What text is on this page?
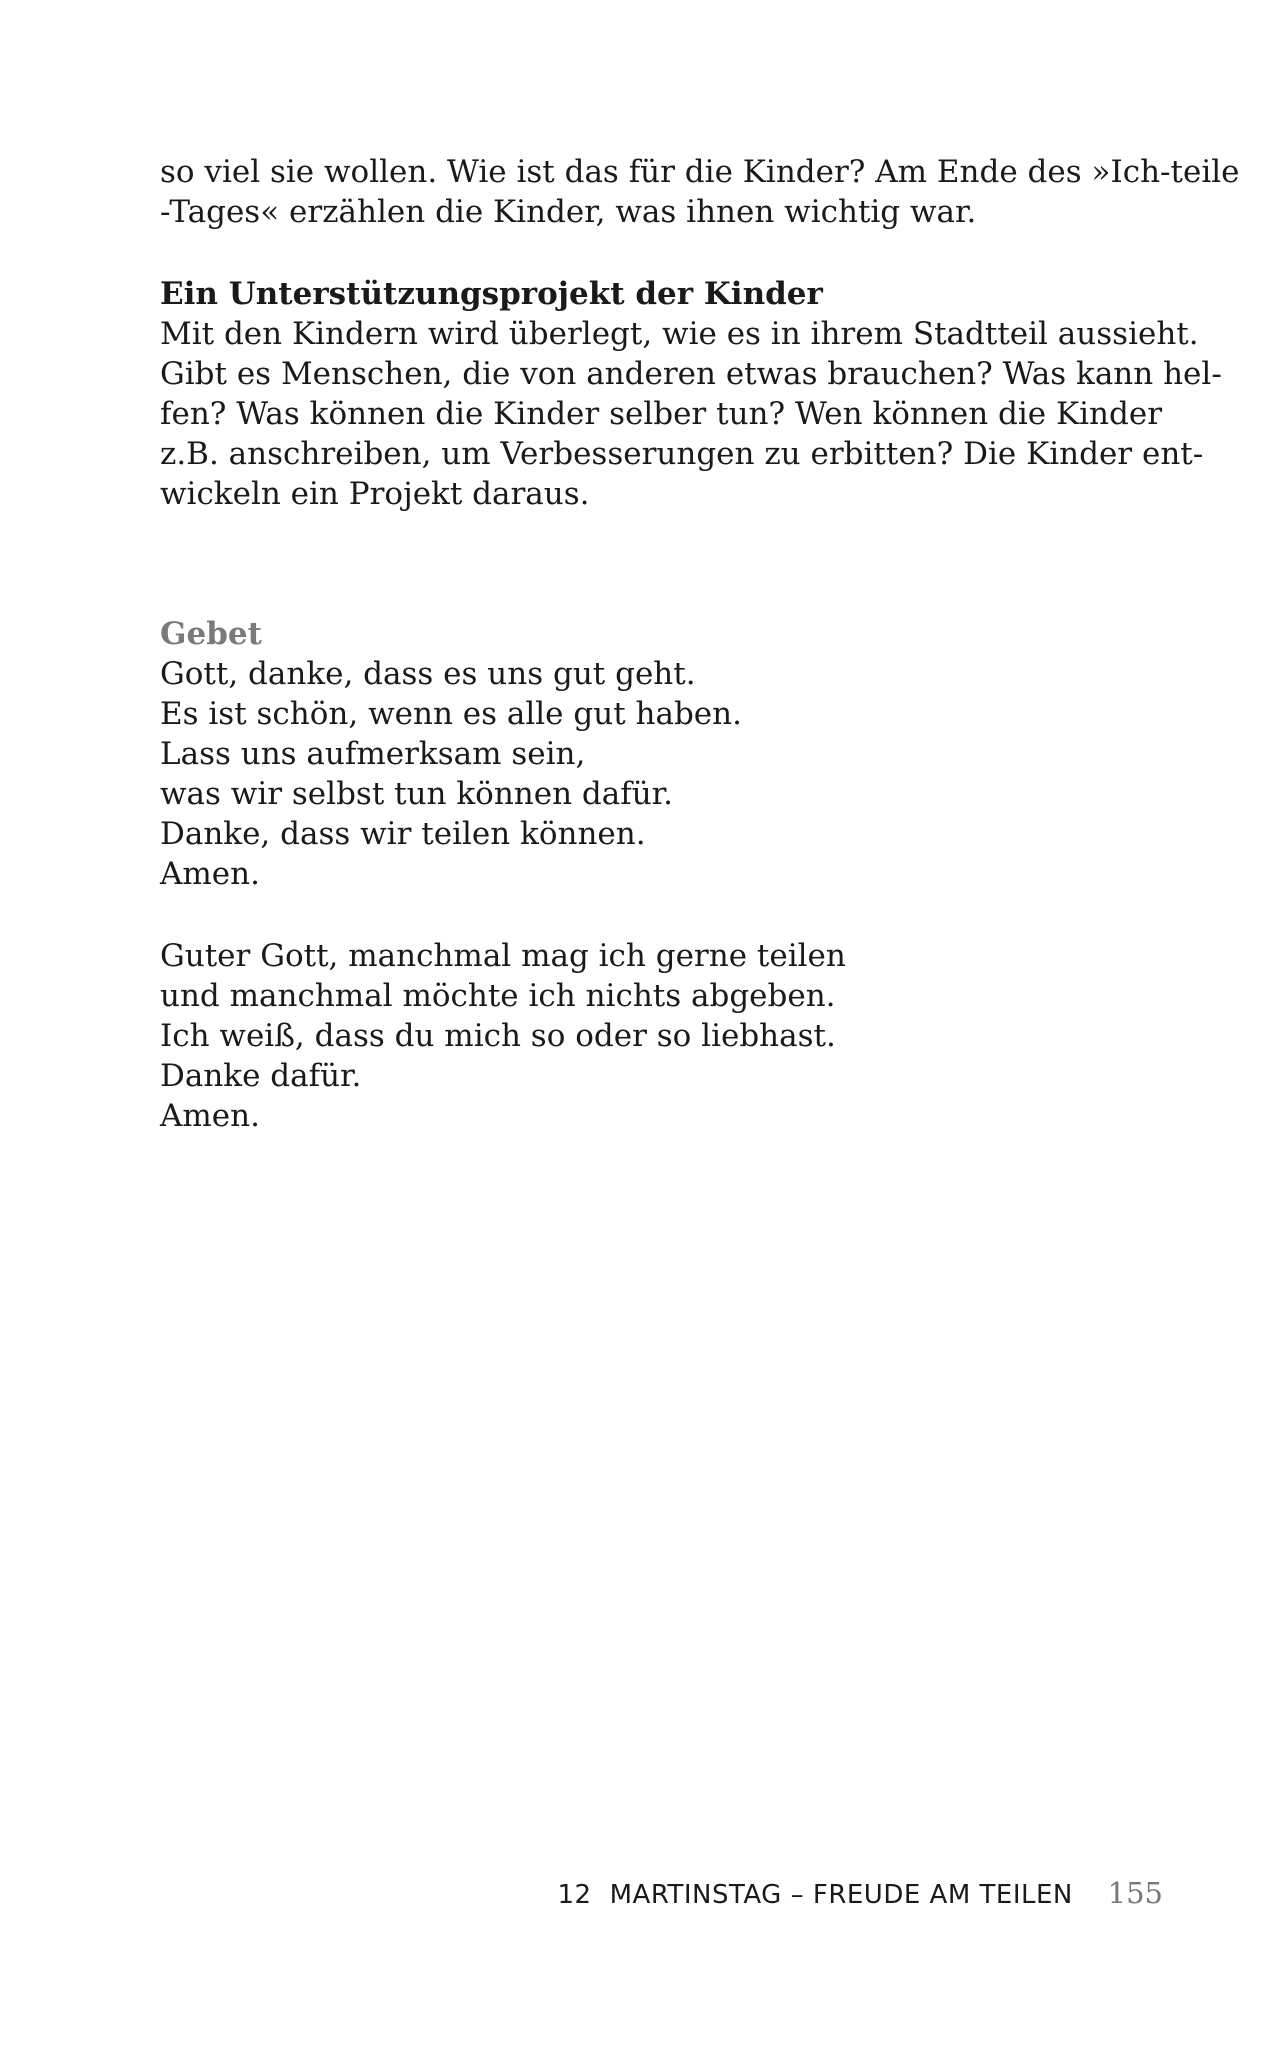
so viel sie wollen. Wie ist das für die Kinder? Am Ende des »Ich-teile
-Tages« erzählen die Kinder, was ihnen wichtig war.
Ein Unterstützungsprojekt der Kinder
Mit den Kindern wird überlegt, wie es in ihrem Stadtteil aussieht.
Gibt es Menschen, die von anderen etwas brauchen? Was kann hel-
fen? Was können die Kinder selber tun? Wen können die Kinder
z.B. anschreiben, um Verbesserungen zu erbitten? Die Kinder ent-
wickeln ein Projekt daraus.
Gebet
Gott, danke, dass es uns gut geht.
Es ist schön, wenn es alle gut haben.
Lass uns aufmerksam sein,
was wir selbst tun können dafür.
Danke, dass wir teilen können.
Amen.
Guter Gott, manchmal mag ich gerne teilen
und manchmal möchte ich nichts abgeben.
Ich weiß, dass du mich so oder so liebhast.
Danke dafür.
Amen.
12 MARTINSTAG – FREUDE AM TEILEN 155
